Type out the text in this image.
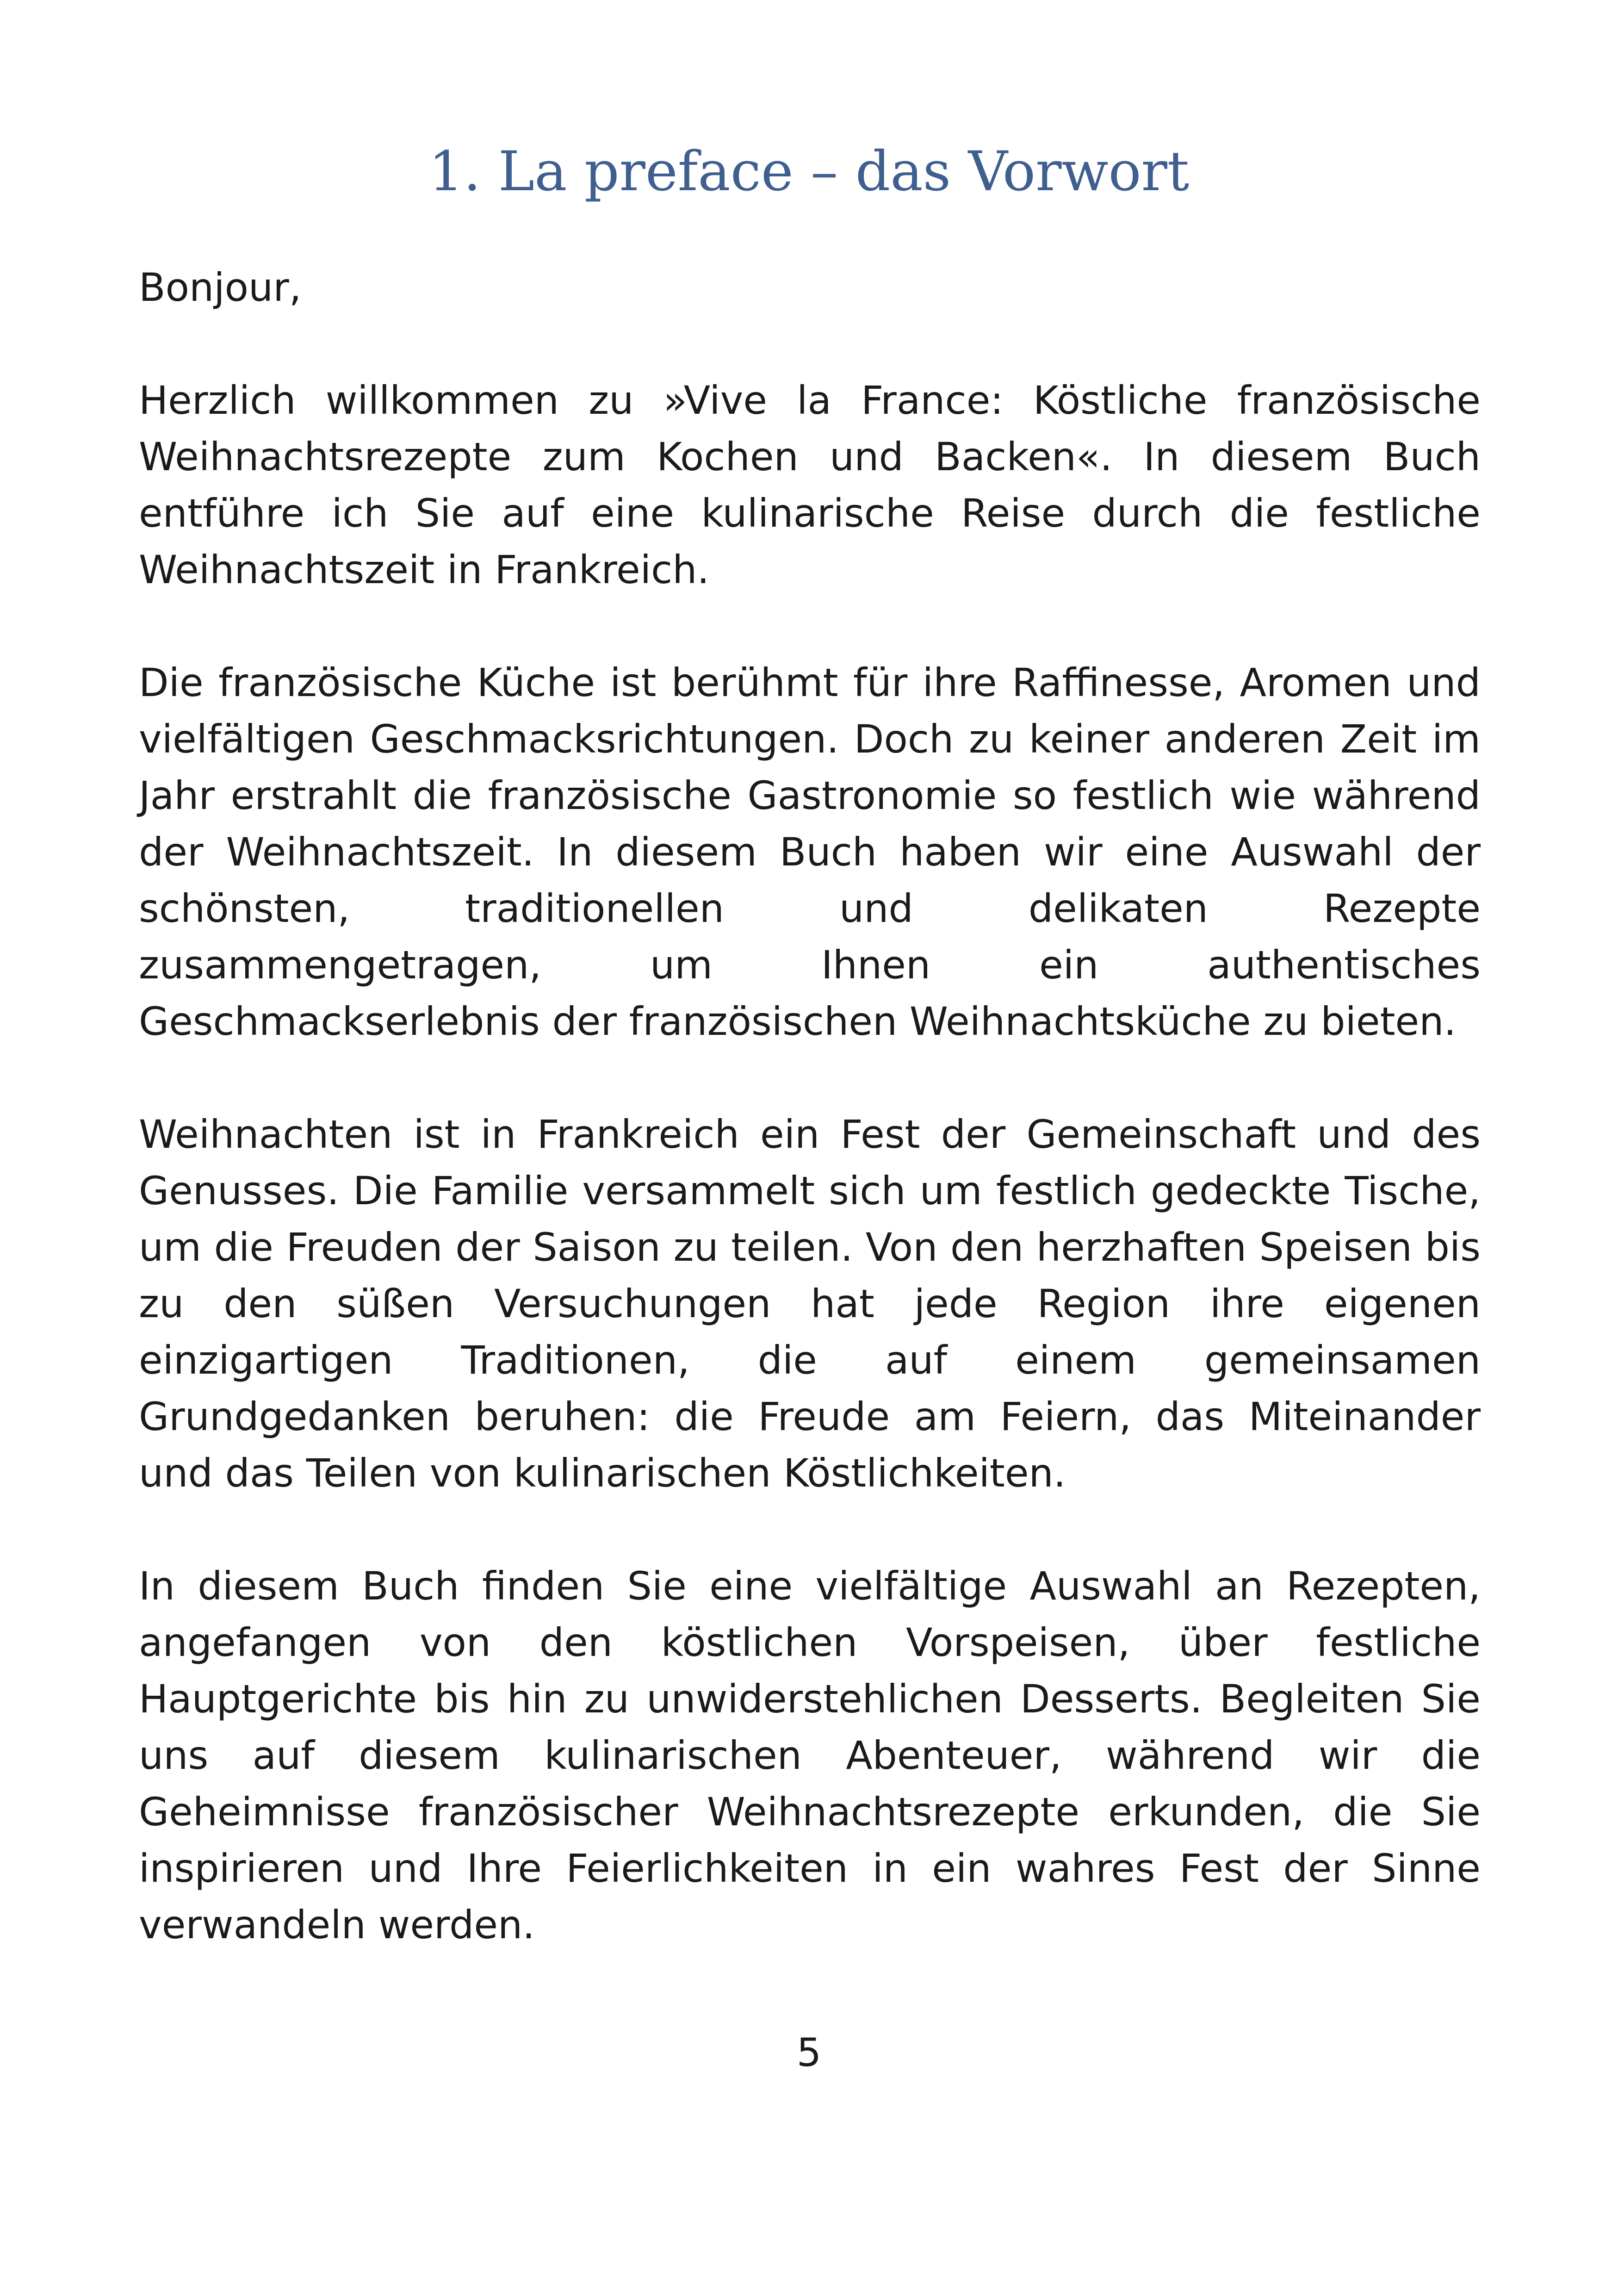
1. La preface – das Vorwort

Bonjour,

Herzlich willkommen zu »Vive la France: Köstliche französische Weihnachtsrezepte zum Kochen und Backen«. In diesem Buch entführe ich Sie auf eine kulinarische Reise durch die festliche Weihnachtszeit in Frankreich.

Die französische Küche ist berühmt für ihre Raffinesse, Aromen und vielfältigen Geschmacksrichtungen. Doch zu keiner anderen Zeit im Jahr erstrahlt die französische Gastronomie so festlich wie während der Weihnachtszeit. In diesem Buch haben wir eine Auswahl der schönsten, traditionellen und delikaten Rezepte zusammengetragen, um Ihnen ein authentisches Geschmackserlebnis der französischen Weihnachtsküche zu bieten.

Weihnachten ist in Frankreich ein Fest der Gemeinschaft und des Genusses. Die Familie versammelt sich um festlich gedeckte Tische, um die Freuden der Saison zu teilen. Von den herzhaften Speisen bis zu den süßen Versuchungen hat jede Region ihre eigenen einzigartigen Traditionen, die auf einem gemeinsamen Grundgedanken beruhen: die Freude am Feiern, das Miteinander und das Teilen von kulinarischen Köstlichkeiten.

In diesem Buch finden Sie eine vielfältige Auswahl an Rezepten, angefangen von den köstlichen Vorspeisen, über festliche Hauptgerichte bis hin zu unwiderstehlichen Desserts. Begleiten Sie uns auf diesem kulinarischen Abenteuer, während wir die Geheimnisse französischer Weihnachtsrezepte erkunden, die Sie inspirieren und Ihre Feierlichkeiten in ein wahres Fest der Sinne verwandeln werden.

5
